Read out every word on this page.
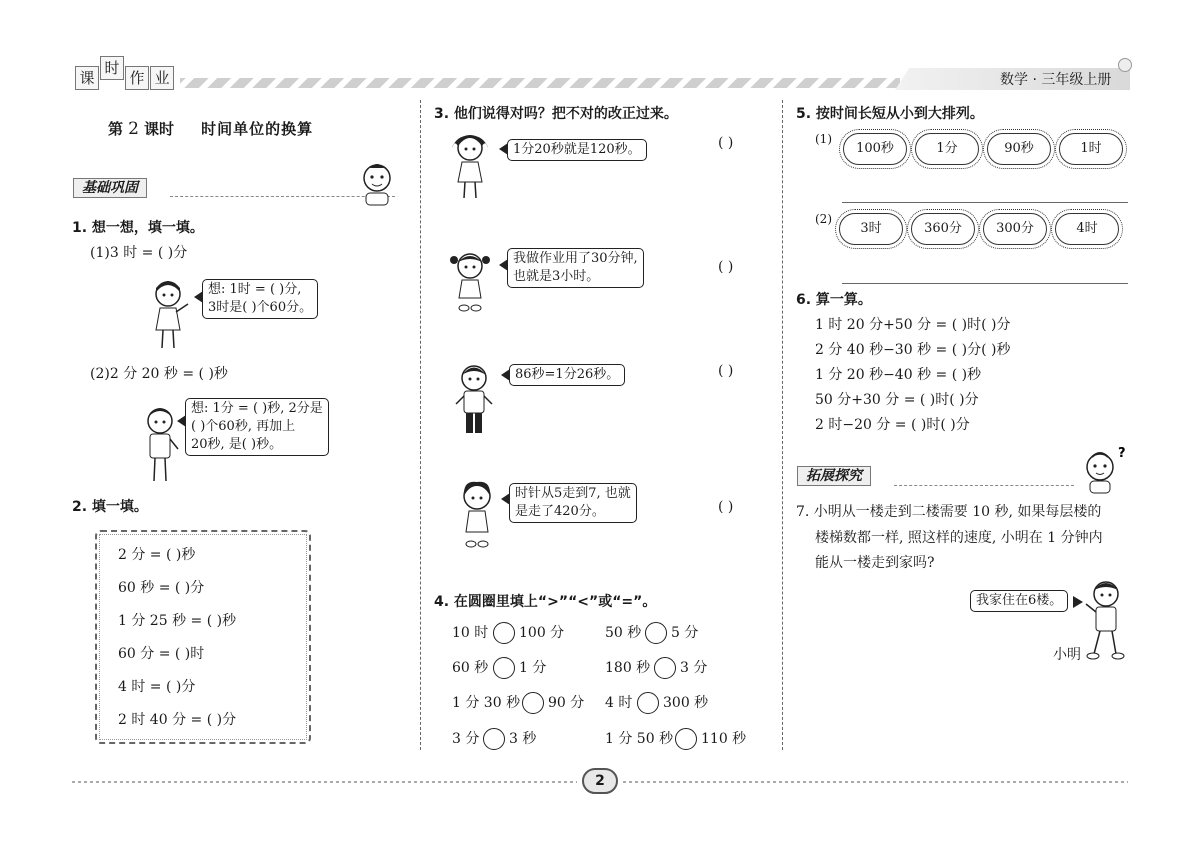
课
时
作 业	数学 · 三年级上册
第 2 课时 时间单位的换算
基础巩固
1. 想一想，填一填。
(1)3 时 = ( )分
想: 1时 = ( )分,
3时是( )个60分。
(2)2 分 20 秒 = ( )秒
想: 1分 = ( )秒, 2分是
( )个60秒, 再加上
20秒, 是( )秒。
2. 填一填。
2 分 = ( )秒
60 秒 = ( )分
1 分 25 秒 = ( )秒
60 分 = ( )时
4 时 = ( )分
2 时 40 分 = ( )分
3. 他们说得对吗？把不对的改正过来。
1分20秒就是120秒。	( )
我做作业用了30分钟,
也就是3小时。
( )
86秒=1分26秒。	( )
时针从5走到7, 也就
是走了420分。	( )
4. 在圆圈里填上“>”“<”或“=”。
10 时 100 分	50 秒 5 分
60 秒 1 分	180 秒 3 分
1 分 30 秒 90 分 4 时 300 秒
3 分 3 秒	1 分 50 秒 110 秒
5. 按时间长短从小到大排列。
(1)
100秒	1分	90秒	1时
(2)
3时	360分	300分	4时
6. 算一算。
1 时 20 分+50 分 = ( )时( )分
2 分 40 秒−30 秒 = ( )分( )秒
1 分 20 秒−40 秒 = ( )秒
50 分+30 分 = ( )时( )分
2 时−20 分 = ( )时( )分
拓展探究
?
7. 小明从一楼走到二楼需要 10 秒, 如果每层楼的
楼梯数都一样, 照这样的速度, 小明在 1 分钟内
能从一楼走到家吗?
我家住在6楼。
小明
2
